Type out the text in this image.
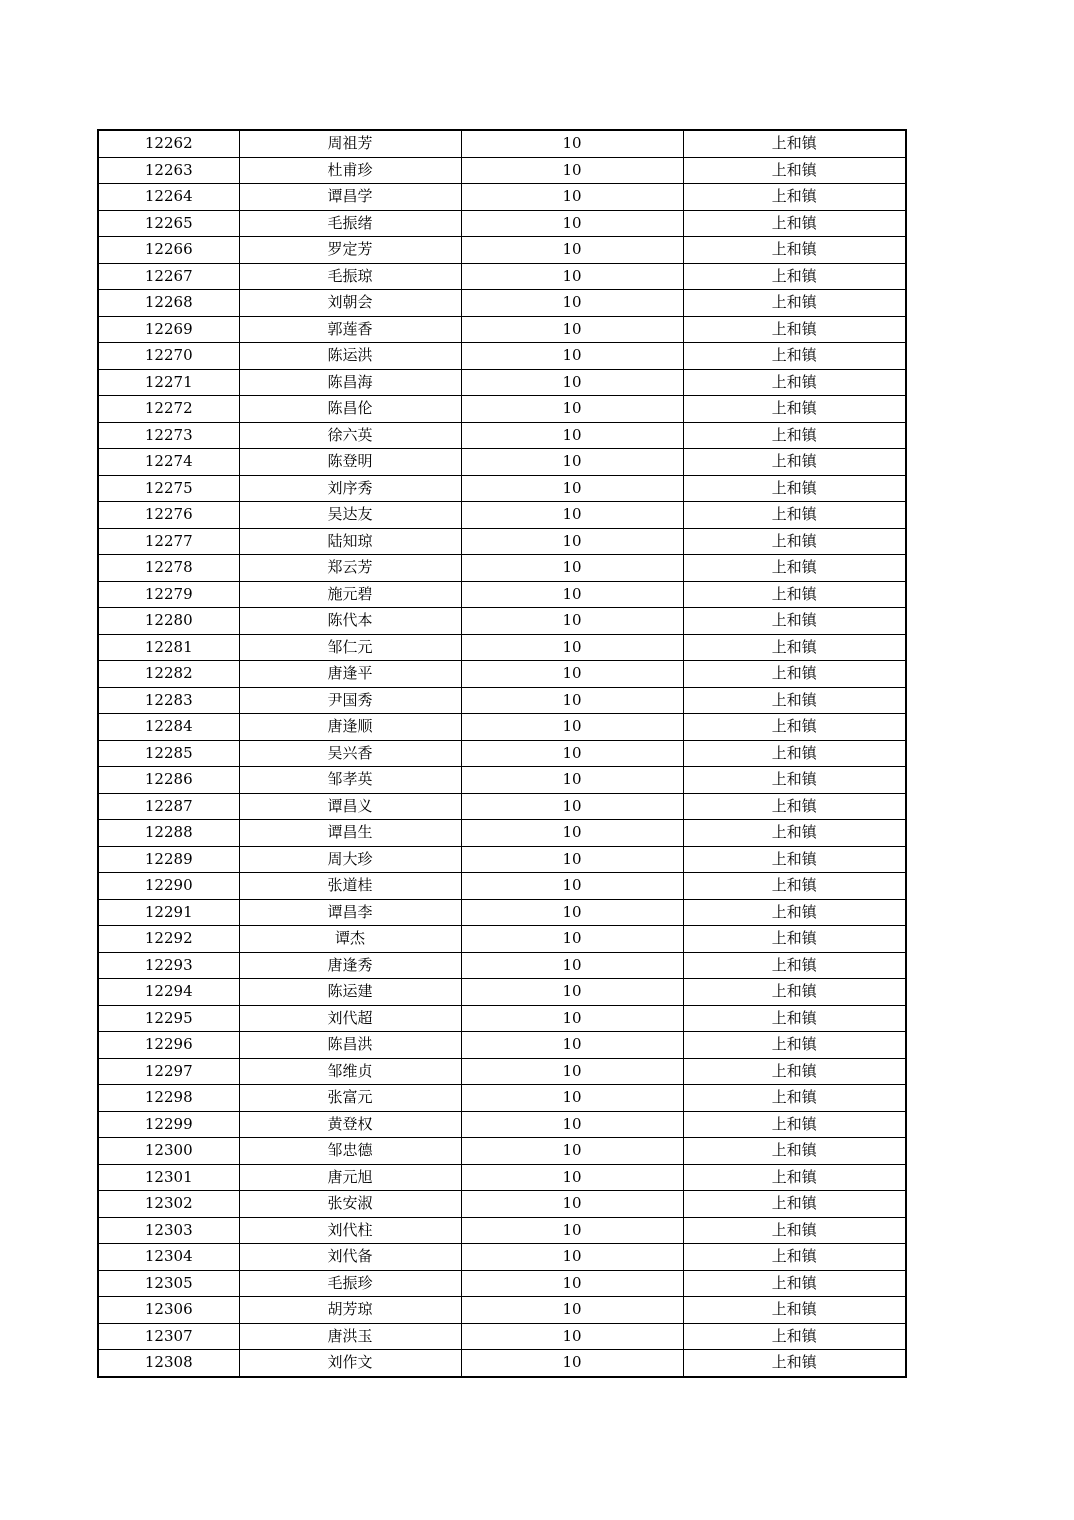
12262	周祖芳	10	上和镇
12263	杜甫珍	10	上和镇
12264	谭昌学	10	上和镇
12265	毛振绪	10	上和镇
12266	罗定芳	10	上和镇
12267	毛振琼	10	上和镇
12268	刘朝会	10	上和镇
12269	郭莲香	10	上和镇
12270	陈运洪	10	上和镇
12271	陈昌海	10	上和镇
12272	陈昌伦	10	上和镇
12273	徐六英	10	上和镇
12274	陈登明	10	上和镇
12275	刘序秀	10	上和镇
12276	吴达友	10	上和镇
12277	陆知琼	10	上和镇
12278	郑云芳	10	上和镇
12279	施元碧	10	上和镇
12280	陈代本	10	上和镇
12281	邹仁元	10	上和镇
12282	唐逢平	10	上和镇
12283	尹国秀	10	上和镇
12284	唐逢顺	10	上和镇
12285	吴兴香	10	上和镇
12286	邹孝英	10	上和镇
12287	谭昌义	10	上和镇
12288	谭昌生	10	上和镇
12289	周大珍	10	上和镇
12290	张道桂	10	上和镇
12291	谭昌李	10	上和镇
12292	谭杰	10	上和镇
12293	唐逢秀	10	上和镇
12294	陈运建	10	上和镇
12295	刘代超	10	上和镇
12296	陈昌洪	10	上和镇
12297	邹维贞	10	上和镇
12298	张富元	10	上和镇
12299	黄登权	10	上和镇
12300	邹忠德	10	上和镇
12301	唐元旭	10	上和镇
12302	张安淑	10	上和镇
12303	刘代柱	10	上和镇
12304	刘代备	10	上和镇
12305	毛振珍	10	上和镇
12306	胡芳琼	10	上和镇
12307	唐洪玉	10	上和镇
12308	刘作文	10	上和镇
